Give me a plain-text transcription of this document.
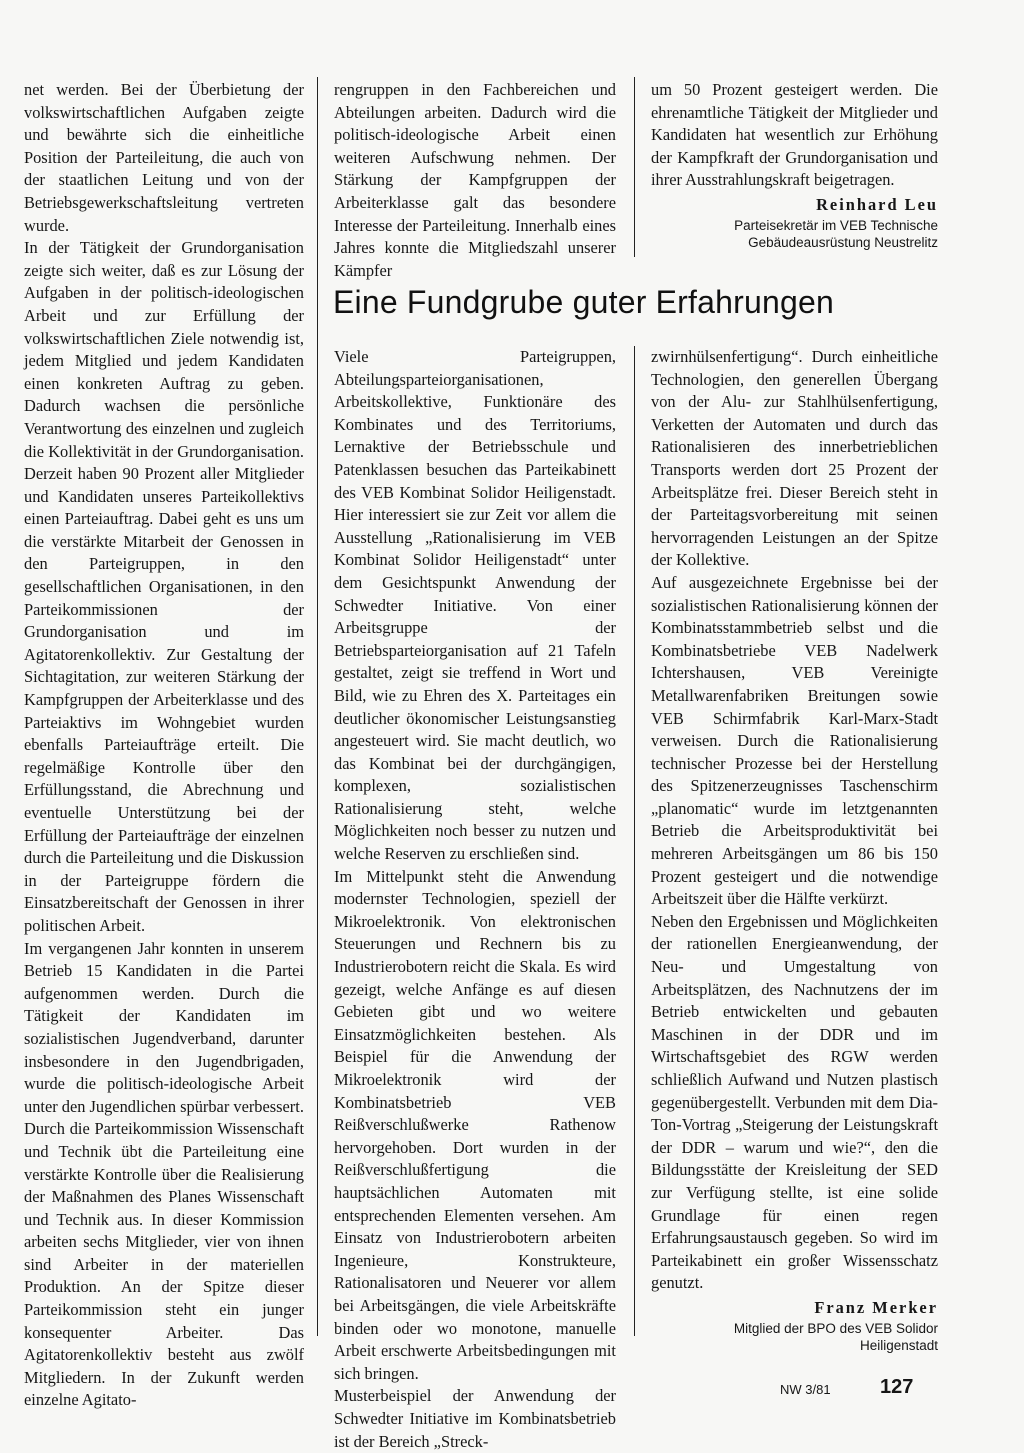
net werden. Bei der Überbietung der volkswirtschaftlichen Aufgaben zeigte und bewährte sich die einheitliche Position der Parteileitung, die auch von der staatlichen Leitung und von der Betriebsgewerkschaftsleitung vertreten wurde.

In der Tätigkeit der Grundorganisation zeigte sich weiter, daß es zur Lösung der Aufgaben in der politisch-ideologischen Arbeit und zur Erfüllung der volkswirtschaftlichen Ziele notwendig ist, jedem Mitglied und jedem Kandidaten einen konkreten Auftrag zu geben. Dadurch wachsen die persönliche Verantwortung des einzelnen und zugleich die Kollektivität in der Grundorganisation. Derzeit haben 90 Prozent aller Mitglieder und Kandidaten unseres Parteikollektivs einen Parteiauftrag. Dabei geht es uns um die verstärkte Mitarbeit der Genossen in den Parteigruppen, in den gesellschaftlichen Organisationen, in den Parteikommissionen der Grundorganisation und im Agitatorenkollektiv. Zur Gestaltung der Sichtagitation, zur weiteren Stärkung der Kampfgruppen der Arbeiterklasse und des Parteiaktivs im Wohngebiet wurden ebenfalls Parteiaufträge erteilt. Die regelmäßige Kontrolle über den Erfüllungsstand, die Abrechnung und eventuelle Unterstützung bei der Erfüllung der Parteiaufträge der einzelnen durch die Parteileitung und die Diskussion in der Parteigruppe fördern die Einsatzbereitschaft der Genossen in ihrer politischen Arbeit.

Im vergangenen Jahr konnten in unserem Betrieb 15 Kandidaten in die Partei aufgenommen werden. Durch die Tätigkeit der Kandidaten im sozialistischen Jugendverband, darunter insbesondere in den Jugendbrigaden, wurde die politisch-ideologische Arbeit unter den Jugendlichen spürbar verbessert.

Durch die Parteikommission Wissenschaft und Technik übt die Parteileitung eine verstärkte Kontrolle über die Realisierung der Maßnahmen des Planes Wissenschaft und Technik aus. In dieser Kommission arbeiten sechs Mitglieder, vier von ihnen sind Arbeiter in der materiellen Produktion. An der Spitze dieser Parteikommission steht ein junger konsequenter Arbeiter. Das Agitatorenkollektiv besteht aus zwölf Mitgliedern. In der Zukunft werden einzelne Agitato-

rengruppen in den Fachbereichen und Abteilungen arbeiten. Dadurch wird die politisch-ideologische Arbeit einen weiteren Aufschwung nehmen. Der Stärkung der Kampfgruppen der Arbeiterklasse galt das besondere Interesse der Parteileitung. Innerhalb eines Jahres konnte die Mitgliedszahl unserer Kämpfer

um 50 Prozent gesteigert werden. Die ehrenamtliche Tätigkeit der Mitglieder und Kandidaten hat wesentlich zur Erhöhung der Kampfkraft der Grundorganisation und ihrer Ausstrahlungskraft beigetragen.

Reinhard Leu
Parteisekretär im VEB Technische
Gebäudeausrüstung Neustrelitz
Eine Fundgrube guter Erfahrungen

Viele Parteigruppen, Abteilungsparteiorganisationen, Arbeitskollektive, Funktionäre des Kombinates und des Territoriums, Lernaktive der Betriebsschule und Patenklassen besuchen das Parteikabinett des VEB Kombinat Solidor Heiligenstadt. Hier interessiert sie zur Zeit vor allem die Ausstellung „Rationalisierung im VEB Kombinat Solidor Heiligenstadt“ unter dem Gesichtspunkt Anwendung der Schwedter Initiative. Von einer Arbeitsgruppe der Betriebsparteiorganisation auf 21 Tafeln gestaltet, zeigt sie treffend in Wort und Bild, wie zu Ehren des X. Parteitages ein deutlicher ökonomischer Leistungsanstieg angesteuert wird. Sie macht deutlich, wo das Kombinat bei der durchgängigen, komplexen, sozialistischen Rationalisierung steht, welche Möglichkeiten noch besser zu nutzen und welche Reserven zu erschließen sind.

Im Mittelpunkt steht die Anwendung modernster Technologien, speziell der Mikroelektronik. Von elektronischen Steuerungen und Rechnern bis zu Industrierobotern reicht die Skala. Es wird gezeigt, welche Anfänge es auf diesen Gebieten gibt und wo weitere Einsatzmöglichkeiten bestehen. Als Beispiel für die Anwendung der Mikroelektronik wird der Kombinatsbetrieb VEB Reißverschlußwerke Rathenow hervorgehoben. Dort wurden in der Reißverschlußfertigung die hauptsächlichen Automaten mit entsprechenden Elementen versehen. Am Einsatz von Industrierobotern arbeiten Ingenieure, Konstrukteure, Rationalisatoren und Neuerer vor allem bei Arbeitsgängen, die viele Arbeitskräfte binden oder wo monotone, manuelle Arbeit erschwerte Arbeitsbedingungen mit sich bringen.

Musterbeispiel der Anwendung der Schwedter Initiative im Kombinatsbetrieb ist der Bereich „Streck-

zwirnhülsenfertigung“. Durch einheitliche Technologien, den generellen Übergang von der Alu- zur Stahlhülsenfertigung, Verketten der Automaten und durch das Rationalisieren des innerbetrieblichen Transports werden dort 25 Prozent der Arbeitsplätze frei. Dieser Bereich steht in der Parteitagsvorbereitung mit seinen hervorragenden Leistungen an der Spitze der Kollektive.

Auf ausgezeichnete Ergebnisse bei der sozialistischen Rationalisierung können der Kombinatsstammbetrieb selbst und die Kombinatsbetriebe VEB Nadelwerk Ichtershausen, VEB Vereinigte Metallwarenfabriken Breitungen sowie VEB Schirmfabrik Karl-Marx-Stadt verweisen. Durch die Rationalisierung technischer Prozesse bei der Herstellung des Spitzenerzeugnisses Taschenschirm „planomatic“ wurde im letztgenannten Betrieb die Arbeitsproduktivität bei mehreren Arbeitsgängen um 86 bis 150 Prozent gesteigert und die notwendige Arbeitszeit über die Hälfte verkürzt.

Neben den Ergebnissen und Möglichkeiten der rationellen Energieanwendung, der Neu- und Umgestaltung von Arbeitsplätzen, des Nachnutzens der im Betrieb entwickelten und gebauten Maschinen in der DDR und im Wirtschaftsgebiet des RGW werden schließlich Aufwand und Nutzen plastisch gegenübergestellt. Verbunden mit dem Dia-Ton-Vortrag „Steigerung der Leistungskraft der DDR – warum und wie?“, den die Bildungsstätte der Kreisleitung der SED zur Verfügung stellte, ist eine solide Grundlage für einen regen Erfahrungsaustausch gegeben. So wird im Parteikabinett ein großer Wissensschatz genutzt.

Franz Merker
Mitglied der BPO des VEB Solidor
Heiligenstadt
NW 3/81 127
